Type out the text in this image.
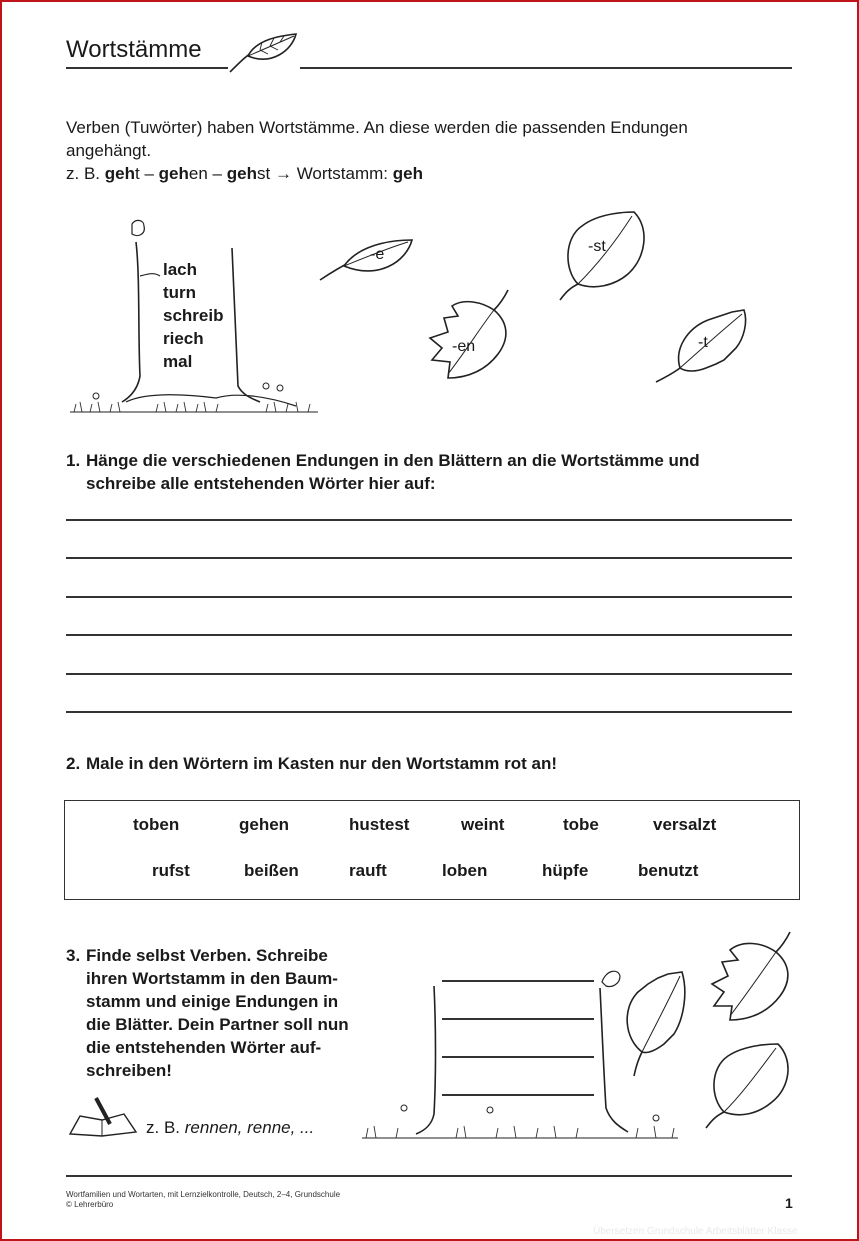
Wortstämme
Verben (Tuwörter) haben Wortstämme. An diese werden die passenden Endungen
angehängt.
z. B. geht – gehen – gehst → Wortstamm: geh
lach
turn
schreib
riech
mal
-e	-st
-en	-t
1. Hänge die verschiedenen Endungen in den Blättern an die Wortstämme und
schreibe alle entstehenden Wörter hier auf:
2. Male in den Wörtern im Kasten nur den Wortstamm rot an!
toben	gehen	hustest	weint	tobe	versalzt
rufst	beißen	rauft	loben	hüpfe	benutzt
3. Finde selbst Verben. Schreibe
ihren Wortstamm in den Baum-
stamm und einige Endungen in
die Blätter. Dein Partner soll nun
die entstehenden Wörter auf-
schreiben!
z. B. rennen, renne, ...
Wortfamilien und Wortarten, mit Lernzielkontrolle, Deutsch, 2–4, Grundschule
© Lehrerbüro	1
Übersetzen Grundschule Arbeitsblätter Klasse
